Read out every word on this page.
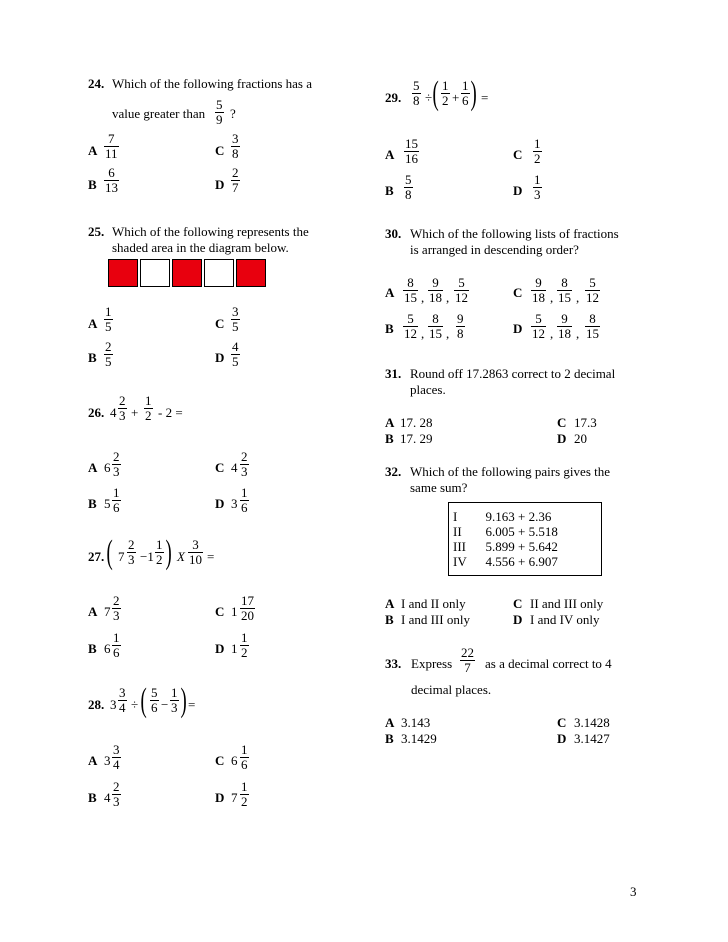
24. Which of the following fractions has a
value greater than
5
9 ?
A
7
11
B
6
13
C
3
8
D
2
7
25. Which of the following represents the
shaded area in the diagram below.
A
1
5
B
2
5
C
3
5
D
4
5
26. 4
2
3 +
1
2 - 2 =
A 6
2
3
B 5
1
6
C 4
2
3
D 3
1
6
27. ( 7
2
3 −1
1
2 ) X
3
10 =
A 7
2
3
B 6
1
6
C 1
17
20
D 1
1
2
28. 3
3
4 ÷ ( 5
6 −
1
3 ) =
A 3
3
4
B 4
2
3
C 6
1
6
D 7
1
2
29.
5
8 ÷ ( 1
2 +
1
6 ) =
A
15
16
B
5
8
C
1
2
D
1
3
30. Which of the following lists of fractions
is arranged in descending order?
A
8
15 ,
9
18 ,
5
12
B
5
12 ,
8
15 ,
9
8
C
9
18 ,
8
15 ,
5
12
D
5
12 ,
9
18 ,
8
15
31. Round off 17.2863 correct to 2 decimal
places.
A 17. 28
B 17. 29
C 17.3
D 20
32. Which of the following pairs gives the
same sum?
I	9.163 + 2.36
II	6.005 + 5.518
III	5.899 + 5.642
IV	4.556 + 6.907
A I and II only
B I and III only
C II and III only
D I and IV only
33. Express
22
7	as a decimal correct to 4
decimal places.
A 3.143
B 3.1429
C 3.1428
D 3.1427
3
